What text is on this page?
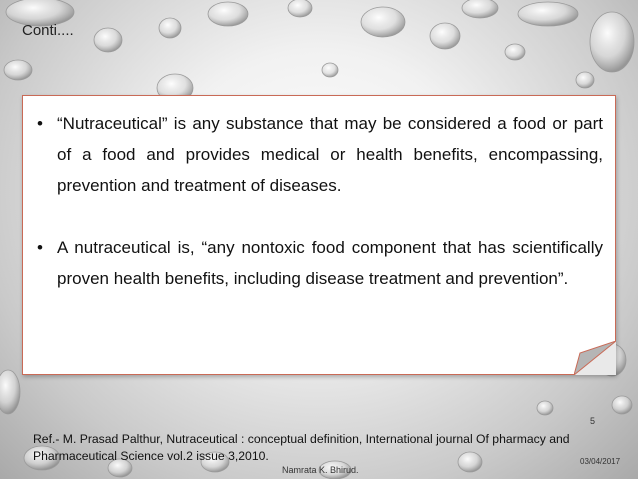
Conti....
• “Nutraceutical” is any substance that may be considered a food or part of a food and provides medical or health benefits, encompassing, prevention and treatment of diseases.
• A nutraceutical is, “any nontoxic food component that has scientifically proven health benefits, including disease treatment and prevention”.
5
Ref.- M. Prasad Palthur, Nutraceutical : conceptual definition, International journal Of pharmacy and Pharmaceutical Science vol.2 issue 3,2010.	03/04/2017
Namrata K. Bhirud.
